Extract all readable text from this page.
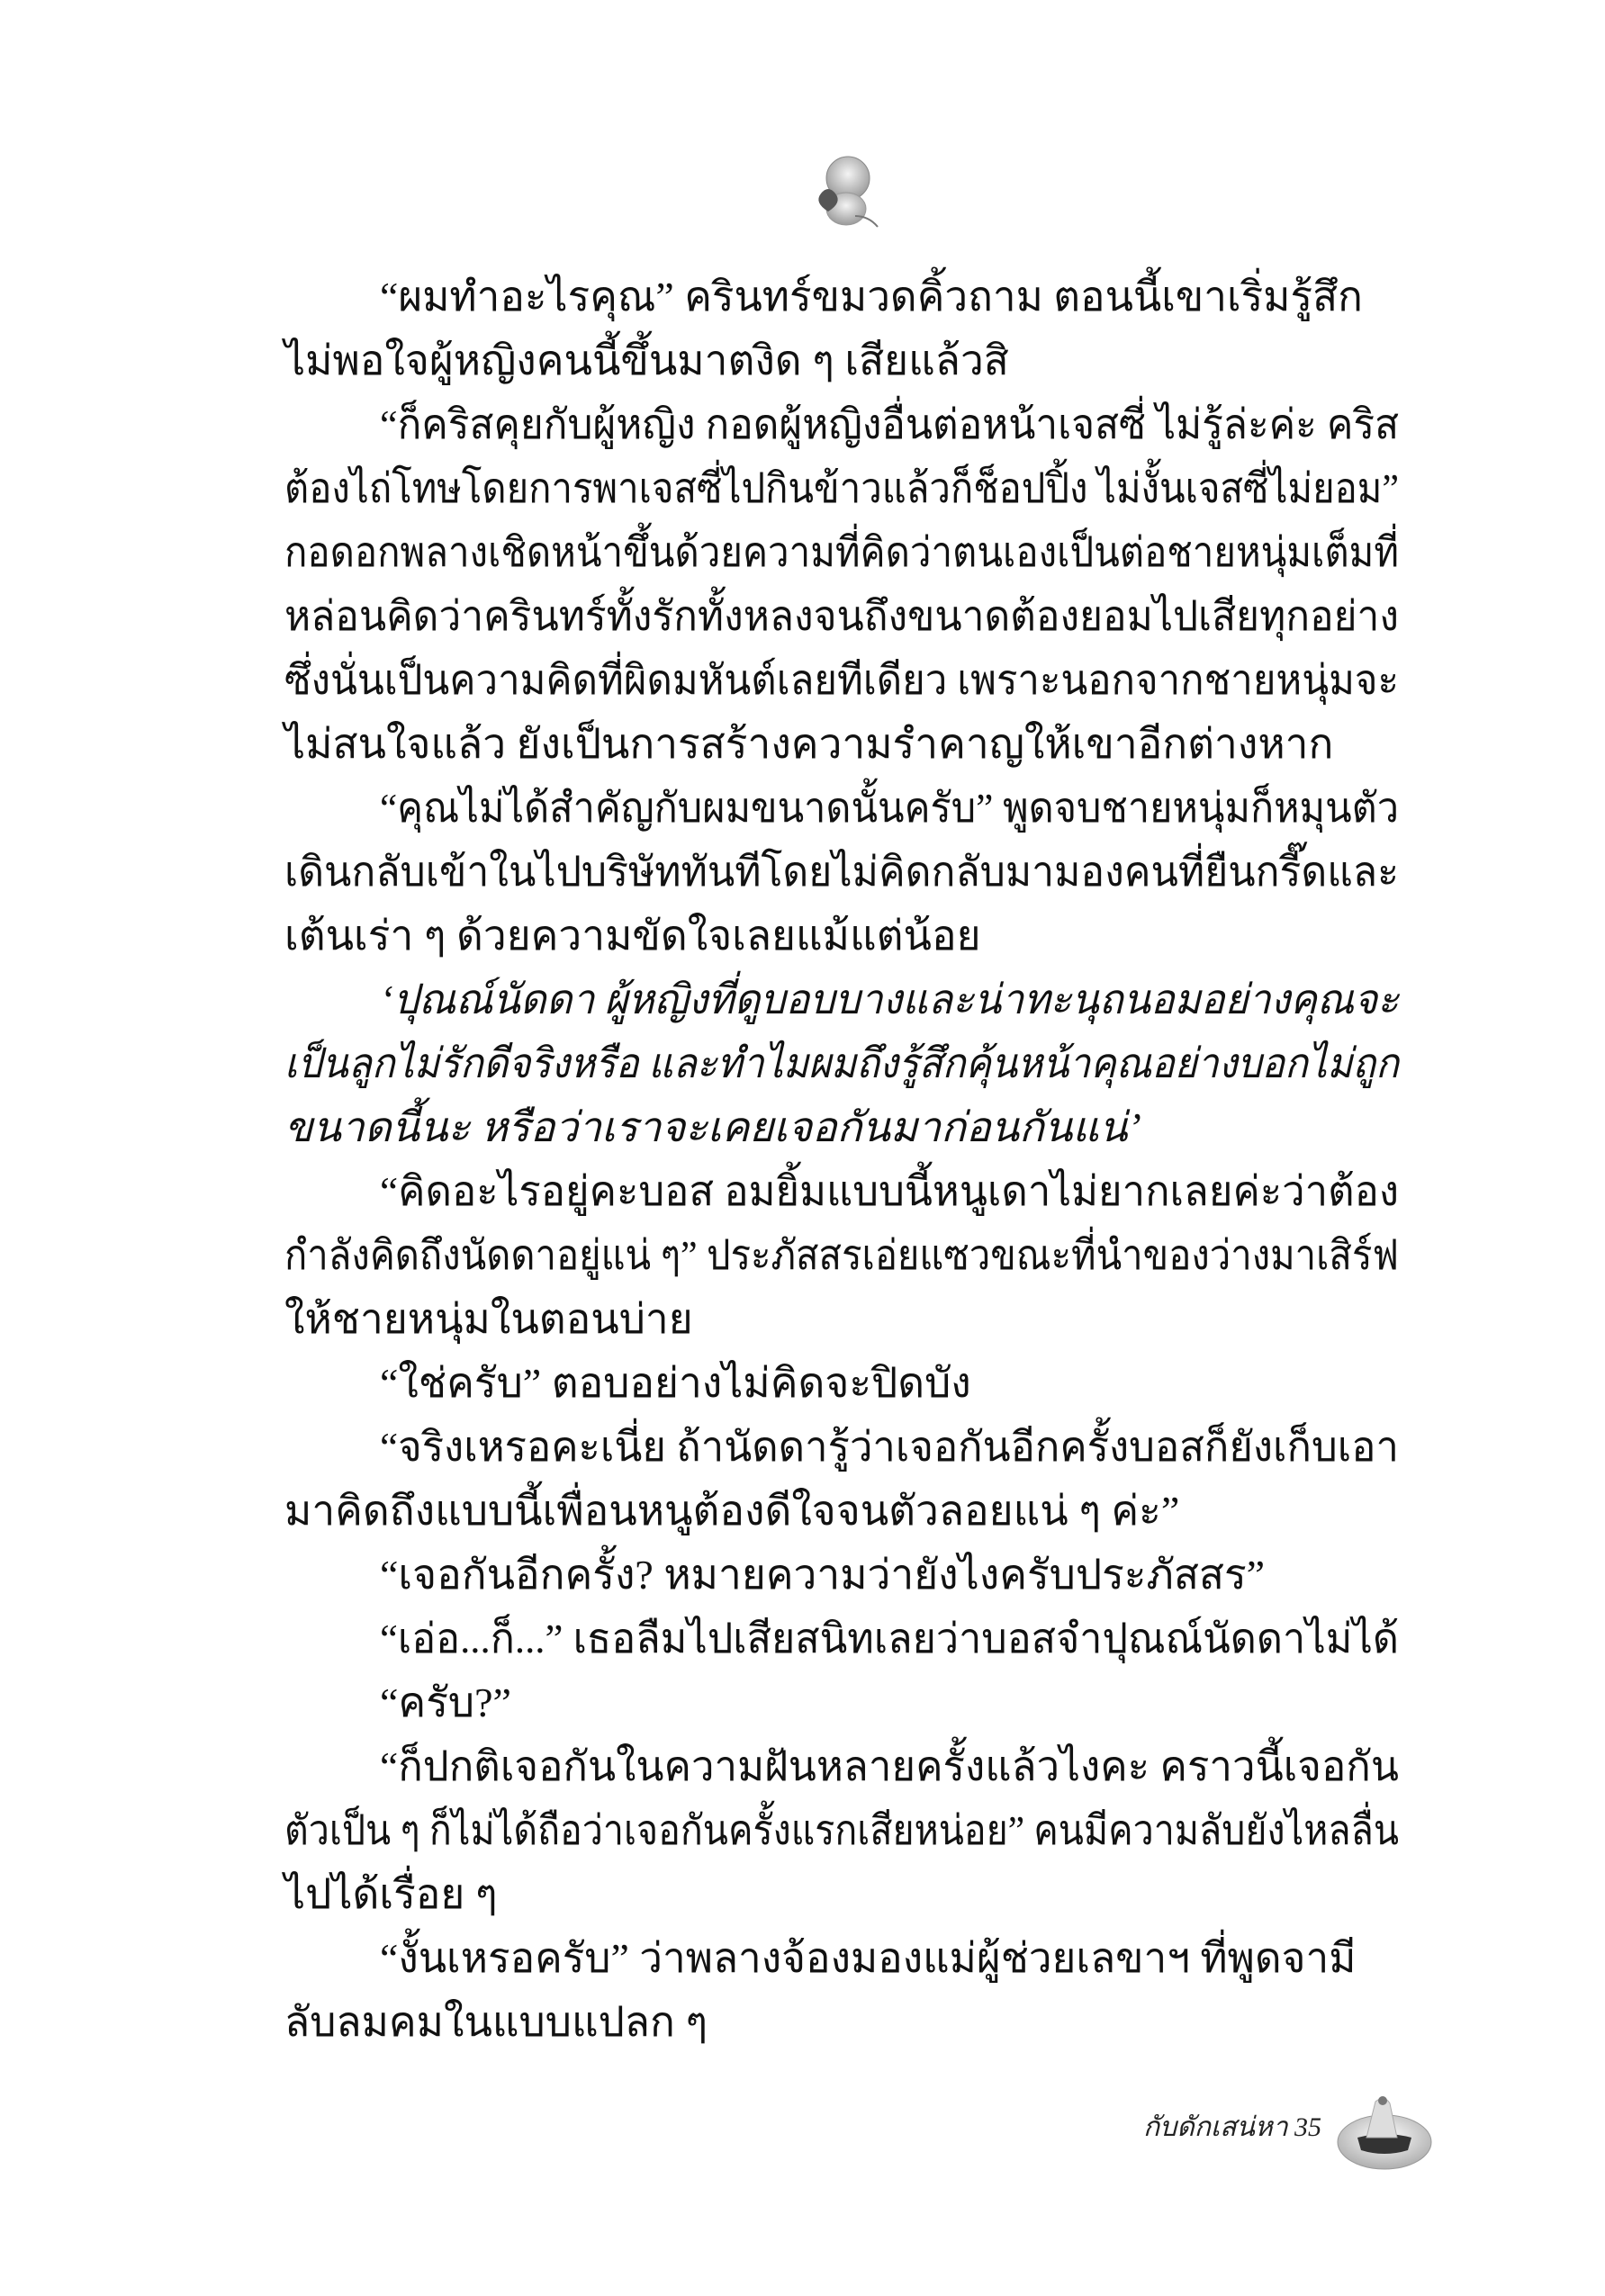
“ผมทำอะไรคุณ” ครินทร์ขมวดคิ้วถาม ตอนนี้เขาเริ่มรู้สึก
ไม่พอใจผู้หญิงคนนี้ขึ้นมาตงิด ๆ เสียแล้วสิ
“ก็คริสคุยกับผู้หญิง กอดผู้หญิงอื่นต่อหน้าเจสซี่ ไม่รู้ล่ะค่ะ คริส
ต้องไถ่โทษโดยการพาเจสซี่ไปกินข้าวแล้วก็ช็อปปิ้ง ไม่งั้นเจสซี่ไม่ยอม”
กอดอกพลางเชิดหน้าขึ้นด้วยความที่คิดว่าตนเองเป็นต่อชายหนุ่มเต็มที่
หล่อนคิดว่าครินทร์ทั้งรักทั้งหลงจนถึงขนาดต้องยอมไปเสียทุกอย่าง
ซึ่งนั่นเป็นความคิดที่ผิดมหันต์เลยทีเดียว เพราะนอกจากชายหนุ่มจะ
ไม่สนใจแล้ว ยังเป็นการสร้างความรำคาญให้เขาอีกต่างหาก
“คุณไม่ได้สำคัญกับผมขนาดนั้นครับ” พูดจบชายหนุ่มก็หมุนตัว
เดินกลับเข้าในไปบริษัททันทีโดยไม่คิดกลับมามองคนที่ยืนกรี๊ดและ
เต้นเร่า ๆ ด้วยความขัดใจเลยแม้แต่น้อย
‘ปุณณ์นัดดา ผู้หญิงที่ดูบอบบางและน่าทะนุถนอมอย่างคุณจะ
เป็นลูกไม่รักดีจริงหรือ และทำไมผมถึงรู้สึกคุ้นหน้าคุณอย่างบอกไม่ถูก
ขนาดนี้นะ หรือว่าเราจะเคยเจอกันมาก่อนกันแน่’
“คิดอะไรอยู่คะบอส อมยิ้มแบบนี้หนูเดาไม่ยากเลยค่ะว่าต้อง
กำลังคิดถึงนัดดาอยู่แน่ ๆ” ประภัสสรเอ่ยแซวขณะที่นำของว่างมาเสิร์ฟ
ให้ชายหนุ่มในตอนบ่าย
“ใช่ครับ” ตอบอย่างไม่คิดจะปิดบัง
“จริงเหรอคะเนี่ย ถ้านัดดารู้ว่าเจอกันอีกครั้งบอสก็ยังเก็บเอา
มาคิดถึงแบบนี้เพื่อนหนูต้องดีใจจนตัวลอยแน่ ๆ ค่ะ”
“เจอกันอีกครั้ง? หมายความว่ายังไงครับประภัสสร”
“เอ่อ...ก็...” เธอลืมไปเสียสนิทเลยว่าบอสจำปุณณ์นัดดาไม่ได้
“ครับ?”
“ก็ปกติเจอกันในความฝันหลายครั้งแล้วไงคะ คราวนี้เจอกัน
ตัวเป็น ๆ ก็ไม่ได้ถือว่าเจอกันครั้งแรกเสียหน่อย” คนมีความลับยังไหลลื่น
ไปได้เรื่อย ๆ
“งั้นเหรอครับ” ว่าพลางจ้องมองแม่ผู้ช่วยเลขาฯ ที่พูดจามี
ลับลมคมในแบบแปลก ๆ
กับดักเสน่หา 35
